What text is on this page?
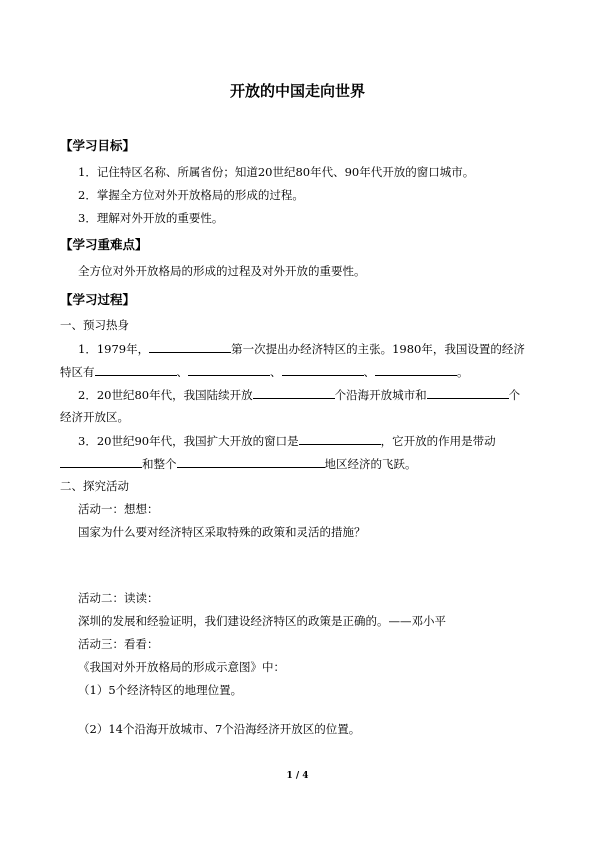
开放的中国走向世界
【学习目标】
1．记住特区名称、所属省份；知道20世纪80年代、90年代开放的窗口城市。
2．掌握全方位对外开放格局的形成的过程。
3．理解对外开放的重要性。
【学习重难点】
全方位对外开放格局的形成的过程及对外开放的重要性。
【学习过程】
一、预习热身
1．1979年，	第一次提出办经济特区的主张。1980年，我国设置的经济
特区有	、	、	、	。
2．20世纪80年代，我国陆续开放	个沿海开放城市和	个
经济开放区。
3．20世纪90年代，我国扩大开放的窗口是	，它开放的作用是带动
和整个	地区经济的飞跃。
二、探究活动
活动一：想想：
国家为什么要对经济特区采取特殊的政策和灵活的措施？
活动二：读读：
深圳的发展和经验证明，我们建设经济特区的政策是正确的。——邓小平
活动三：看看：
《我国对外开放格局的形成示意图》中：
（1）5个经济特区的地理位置。
（2）14个沿海开放城市、7个沿海经济开放区的位置。
1 / 4
